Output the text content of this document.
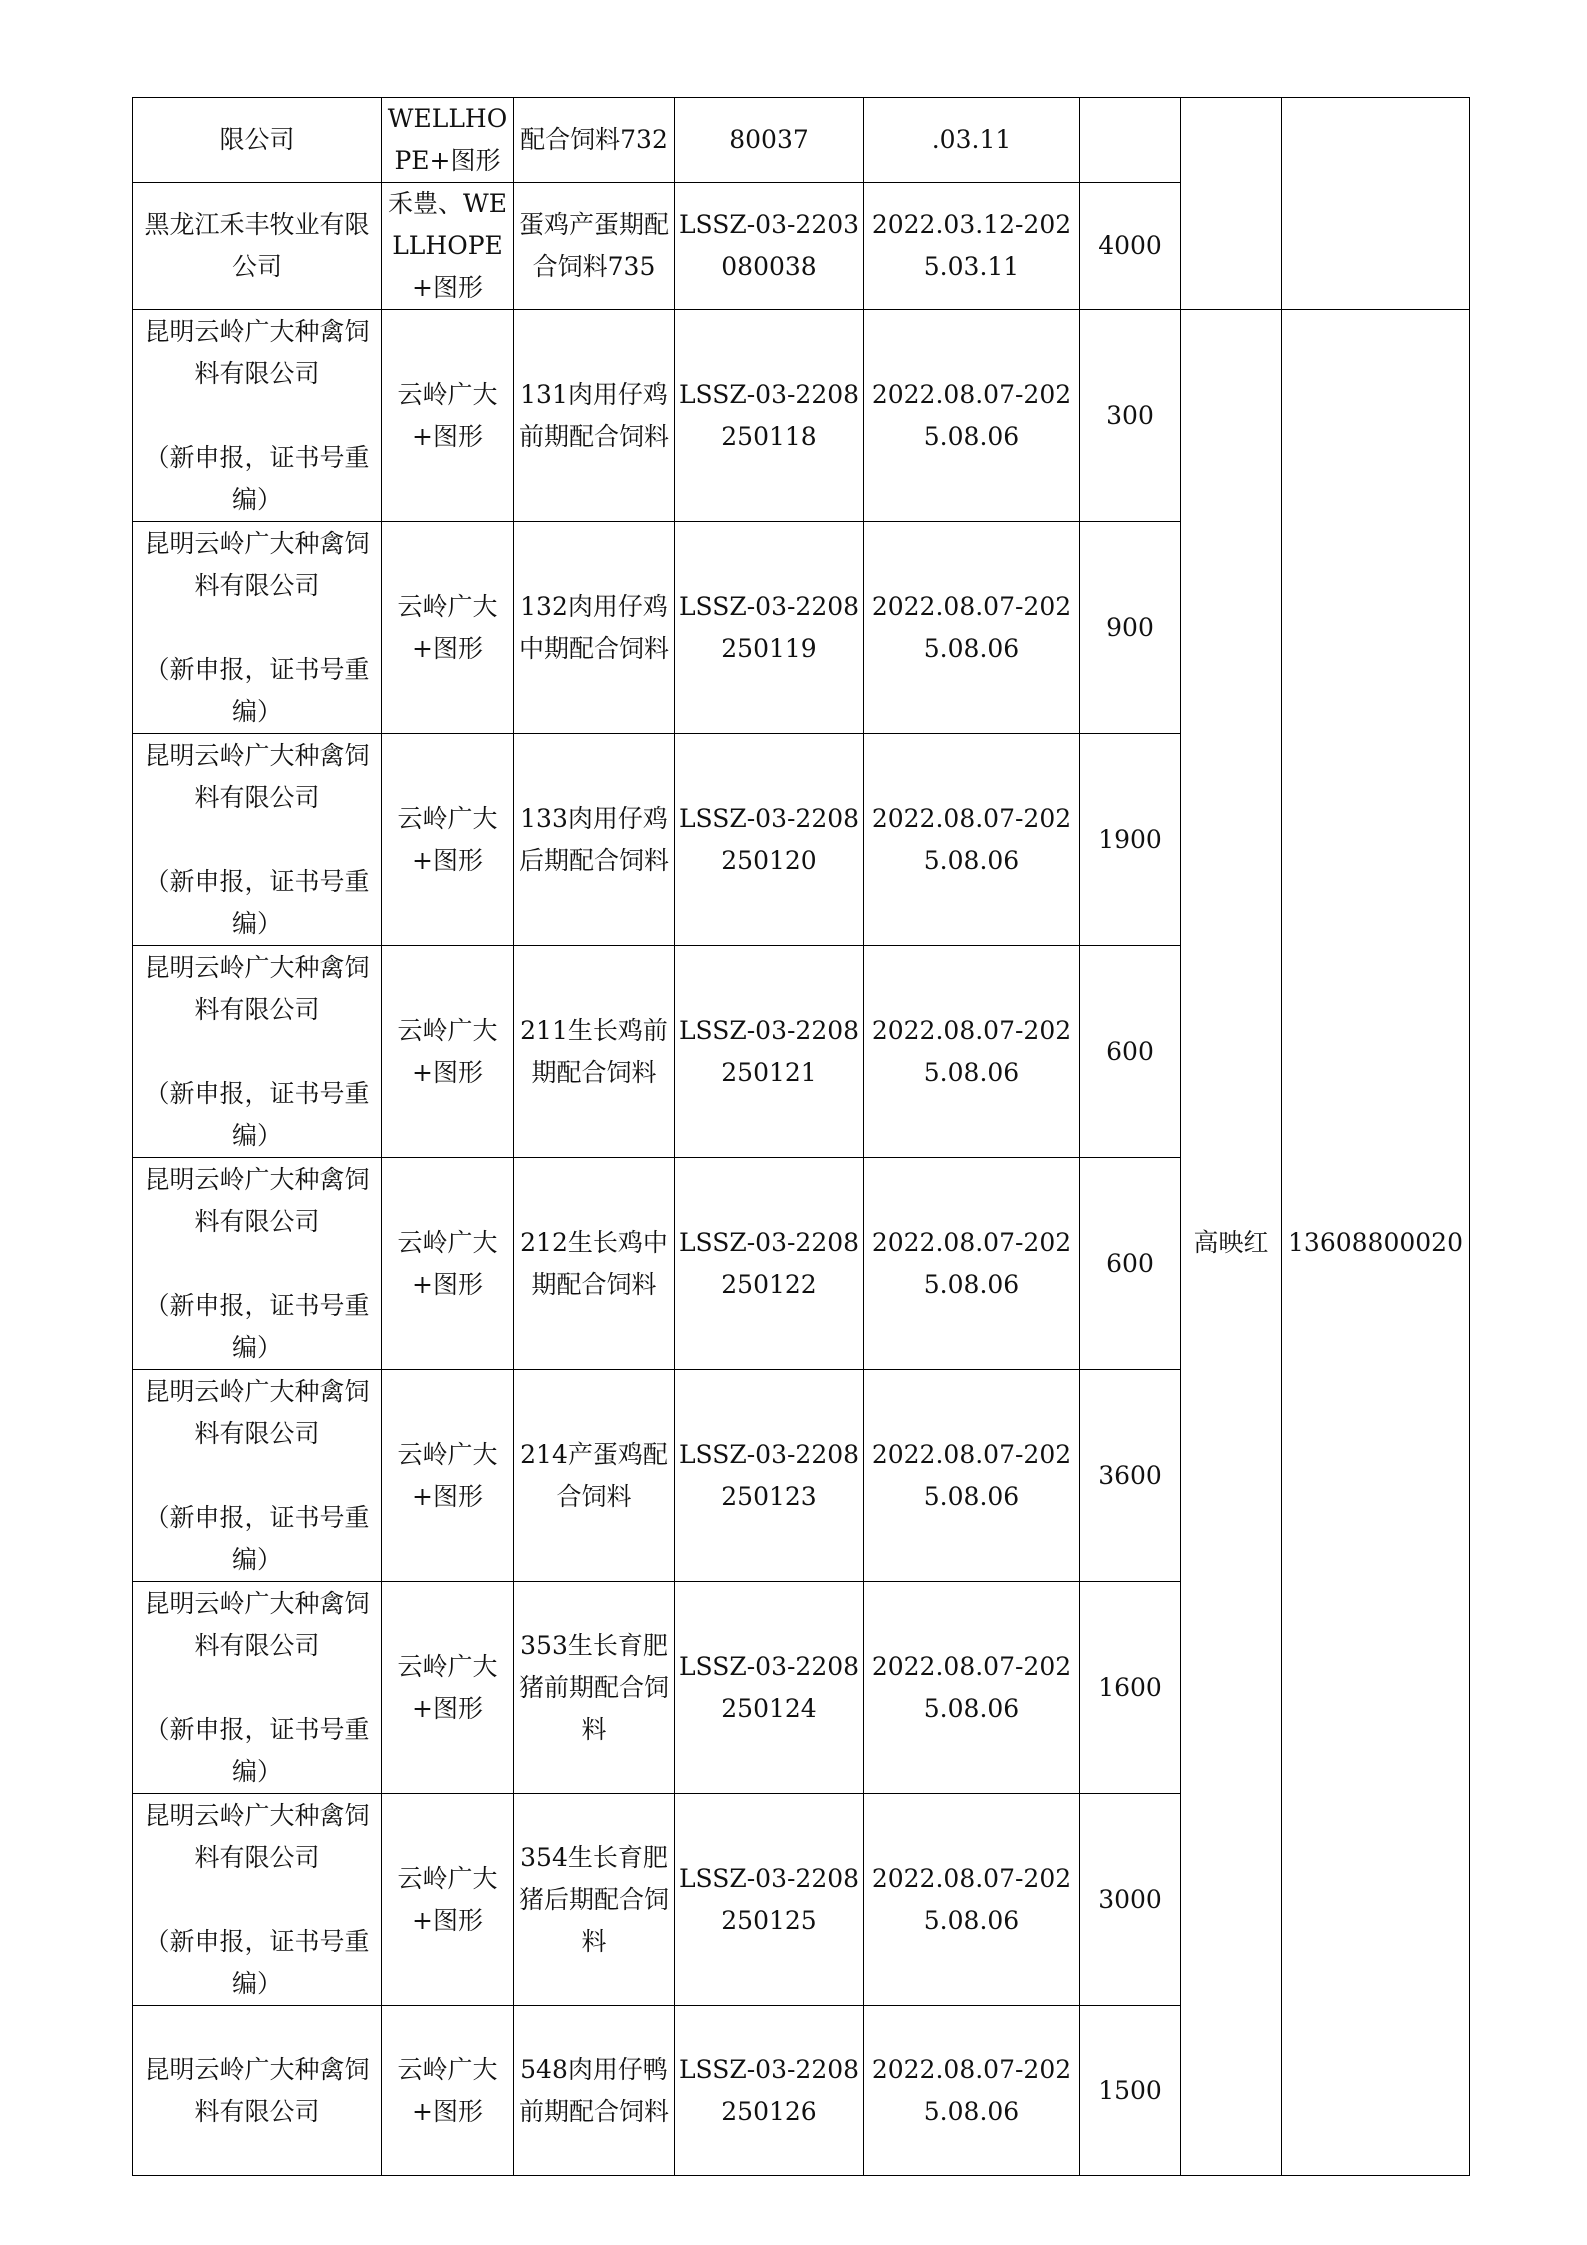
限公司	WELLHOPE+图形	配合饲料732	80037	.03.11			

黑龙江禾丰牧业有限公司	禾豊、WELLHOPE+图形	蛋鸡产蛋期配合饲料735	LSSZ-03-2203080038	2022.03.12-2025.03.11	4000		

昆明云岭广大种禽饲料有限公司
（新申报，证书号重编）	云岭广大+图形	131肉用仔鸡前期配合饲料	LSSZ-03-2208250118	2022.08.07-2025.08.06	300	高映红	13608800020

昆明云岭广大种禽饲料有限公司
（新申报，证书号重编）	云岭广大+图形	132肉用仔鸡中期配合饲料	LSSZ-03-2208250119	2022.08.07-2025.08.06	900		

昆明云岭广大种禽饲料有限公司
（新申报，证书号重编）	云岭广大+图形	133肉用仔鸡后期配合饲料	LSSZ-03-2208250120	2022.08.07-2025.08.06	1900		

昆明云岭广大种禽饲料有限公司
（新申报，证书号重编）	云岭广大+图形	211生长鸡前期配合饲料	LSSZ-03-2208250121	2022.08.07-2025.08.06	600		

昆明云岭广大种禽饲料有限公司
（新申报，证书号重编）	云岭广大+图形	212生长鸡中期配合饲料	LSSZ-03-2208250122	2022.08.07-2025.08.06	600		

昆明云岭广大种禽饲料有限公司
（新申报，证书号重编）	云岭广大+图形	214产蛋鸡配合饲料	LSSZ-03-2208250123	2022.08.07-2025.08.06	3600		

昆明云岭广大种禽饲料有限公司
（新申报，证书号重编）	云岭广大+图形	353生长育肥猪前期配合饲料	LSSZ-03-2208250124	2022.08.07-2025.08.06	1600		

昆明云岭广大种禽饲料有限公司
（新申报，证书号重编）	云岭广大+图形	354生长育肥猪后期配合饲料	LSSZ-03-2208250125	2022.08.07-2025.08.06	3000		

昆明云岭广大种禽饲料有限公司	云岭广大+图形	548肉用仔鸭前期配合饲料	LSSZ-03-2208250126	2022.08.07-2025.08.06	1500		
